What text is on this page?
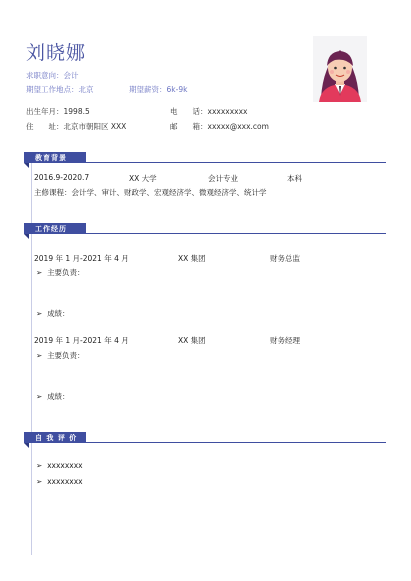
刘晓娜
求职意向：会计
期望工作地点：北京	期望薪资：6k-9k
出生年月：1998.5
住　　址：北京市朝阳区 XXX
电　　话：xxxxxxxxx
邮　　箱：xxxxx@xxx.com
教育背景
2016.9-2020.7	XX 大学	会计专业	本科
主修课程：会计学、审计、财政学、宏观经济学、微观经济学、统计学
工作经历
2019 年 1 月-2021 年 4 月	XX 集团	财务总监
➢  主要负责：
➢  成绩：
2019 年 1 月-2021 年 4 月	XX 集团	财务经理
➢  主要负责：
➢  成绩：
自 我 评 价
➢  xxxxxxxx
➢  xxxxxxxx
